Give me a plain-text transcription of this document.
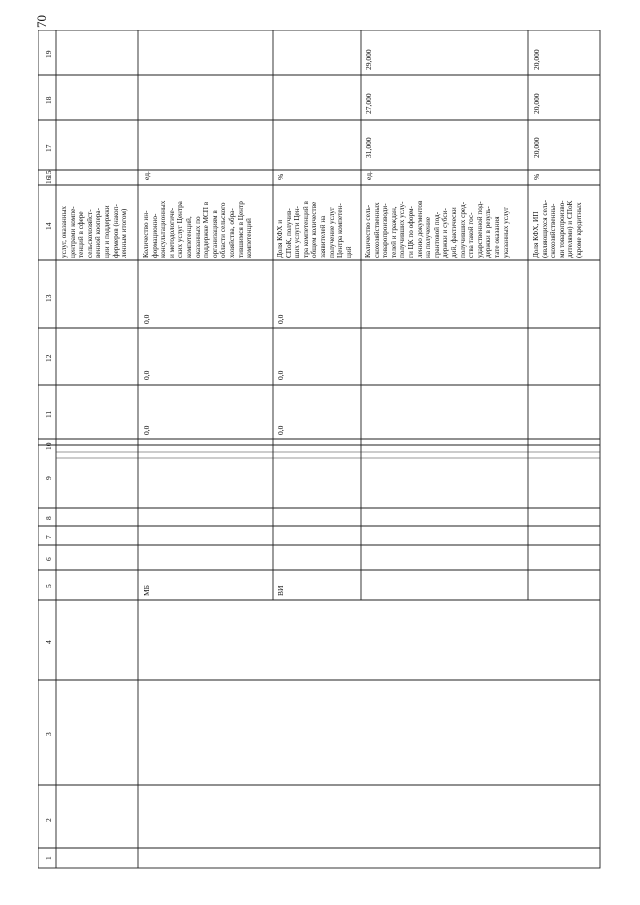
70
1
2
3
4
5
6
7
8
9
10
11
12
13
14
15
16
17
18
19
услуг, оказанных
центрами компе-
тенций в сфере
сельскохозяйст-
венной коопера-
ции и поддержки
фермеров (накоп-
ленным итогом)
Количество ин-
формационно-
консультационных
и методологиче-
ских услуг Центра
компетенций,
оказанных по
поддержке МСП в
организациям в
области сельского
хозяйства, обра-
тившимся в Центр
компетенций	Доля КФХ и
СПоК, получив-
ших услуги Цен-
тра компетенций в
общем количестве
заявителей на
получение услуг
Центра компетен-
ций Количество сель-
скохозяйственных
товаропроизводи-
телей и граждан,
получивших услу-
ги ЦК по оформ-
лению документов
на получение
грантовой под-
держки и субси-
дий, фактически
получивших сред-
ства такой гос-
ударственной под-
держки в резуль-
тате оказания
указанных услуг
Доля КФХ, ИП
(являющихся сель-
скохозяйственны-
ми товаропроизво-
дителями) и СПоК
(кроме кредитных
МБ
0,0
0,0
0,0
ед.
ВИ
0,0
0,0
0,0
%	ед.
31,000
27,000
29,000
%
20,000
20,000
20,000
